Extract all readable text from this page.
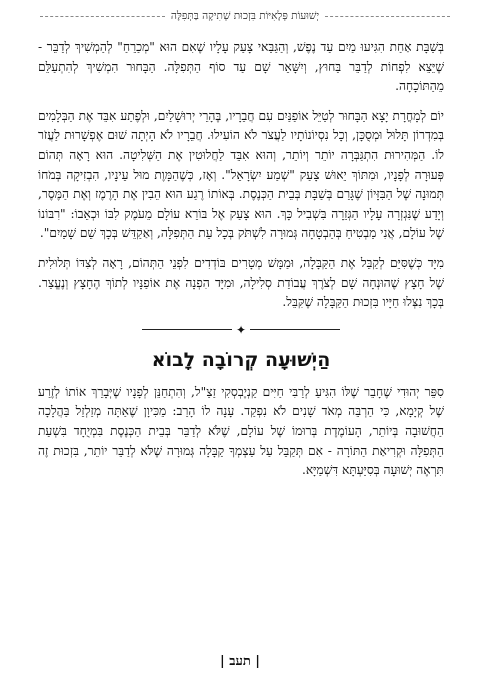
יְשׁוּעוֹת פְּלָאִיּוֹת בִּזְכוּת שְׁתִיקָה בַּתְּפִלָּה

בְּשַׁבָּת אַחַת הִגִּיעוּ מַיִם עַד נֶפֶשׁ, וְהַגַּבַּאי צָעַק עָלָיו שֶׁאִם הוּא "מְכַרֵחַ" לְהַמְשִׁיךְ לְדַבֵּר - שֶׁיֵּצֵא לִפְחוֹת לְדַבֵּר בַּחוּץ, וְיִשָּׁאֵר שָׁם עַד סוֹף הַתְּפִלָּה. הַבָּחוּר הִמְשִׁיךְ לְהִתְעַלֵּם מֵהַתּוֹכָחָה.

יוֹם לְמָחֳרָת יָצָא הַבָּחוּר לְטַיֵּל אוֹפַנַּיִם עִם חֲבֵרָיו, בֶּהָרֵי יְרוּשָׁלַיִם, וּלְפֶתַע אִבֵּד אֶת הַבְּלָמִים בְּמִדְרוֹן תָּלוּל וּמְסֻכָּן, וְכָל נִסְיוֹנוֹתָיו לַעֲצֹר לֹא הוֹעִילוּ. חֲבֵרָיו לֹא הָיְתָה שׁוּם אֶפְשָׁרוּת לַעֲזֹר לוֹ. הַמְּהִירוּת הִתְגַּבְּרָה יוֹתֵר וְיוֹתֵר, וְהוּא אִבֵּד לַחֲלוּטִין אֶת הַשְּׁלִיטָה. הוּא רָאָה תְּהוֹם פְּעוּרָה לְפָנָיו, וּמִתּוֹךְ יֵאוּשׁ צָעַק "שְׁמַע יִשְׂרָאֵל". וְאָז, כְּשֶׁהַמָּוֶת מוּל עֵינָיו, הִבְזִיקָה בְּמֹחוֹ תְּמוּנָה שֶׁל הַבִּזָּיוֹן שֶׁגָּרַם בְּשַׁבָּת בְּבֵית הַכְּנֶסֶת. בְּאוֹתוֹ רֶגַע הוּא הֵבִין אֶת הָרֶמֶז וְאֶת הַמֶּסֶר, וְיָדַע שֶׁנִּגְזְרָה עָלָיו הַגְּזֵרָה בִּשְׁבִיל כָּךְ. הוּא צָעַק אֶל בּוֹרֵא עוֹלָם מֵעֹמֶק לִבּוֹ וּכְאֵבוֹ: "רִבּוֹנוֹ שֶׁל עוֹלָם, אֲנִי מַבְטִיחַ בְּהַבְטָחָה גְּמוּרָה לִשְׁתֹּק בְּכָל עֵת הַתְּפִלָּה, וְאַקַדֵּשׁ בְּכָךְ שֵׁם שָׁמַיִם".

מִיָּד כְּשֶׁסִּיֵּם לְקַבֵּל אֶת הַקַּבָּלָה, וּמַמָּשׁ מְטָרִים בּוֹדְדִים לִפְנֵי הַתְּהוֹם, רָאָה לְצִדּוֹ תְּלוּלִית שֶׁל חָצָץ שֶׁהוּנְחָה שָׁם לְצֹרֶךְ עֲבוֹדַת סְלִילָה, וּמִיָּד הִפְנָה אֶת אוֹפַנָּיו לְתוֹךְ הֶחָצָץ וְנֶעֱצַר. בְּכָךְ נִצְּלוּ חַיָּיו בִּזְכוּת הַקַּבָּלָה שֶׁקִּבֵּל.

✦
הַיְשׁוּעָה קְרוֹבָה לָבוֹא

סִפֵּר יְהוּדִי שֶׁחָבֵר שֶׁלּוֹ הִגִּיעַ לְרַבִּי חַיִּים קַנְיֶבְסְקִי זַצַ"ל, וְהִתְחַנֵּן לְפָנָיו שֶׁיְּבָרֵךְ אוֹתוֹ לְזֶרַע שֶׁל קְיָמָא, כִּי הַרְבֵּה מְאֹד שָׁנִים לֹא נִפְקַד. עָנָה לוֹ הָרַב: מֵכִּיוָן שֶׁאַתָּה מְזַלְזֵל בַּהֲלָכָה הַחֲשׁוּבָה בְּיוֹתֵר, הָעוֹמֶדֶת בְּרוּמוֹ שֶׁל עוֹלָם, שֶׁלֹּא לְדַבֵּר בְּבֵית הַכְּנֶסֶת בִּמְיֻחָד בִּשְׁעַת הַתְּפִלָּה וּקְרִיאַת הַתּוֹרָה - אִם תְּקַבֵּל עַל עַצְמְךָ קַבָּלָה גְּמוּרָה שֶׁלֹּא לְדַבֵּר יוֹתֵר, בִּזְכוּת זֶה תִּרְאֶה יְשׁוּעָה בְּסִיַּעְתָּא דִּשְׁמַיָּא.

| תעב |
